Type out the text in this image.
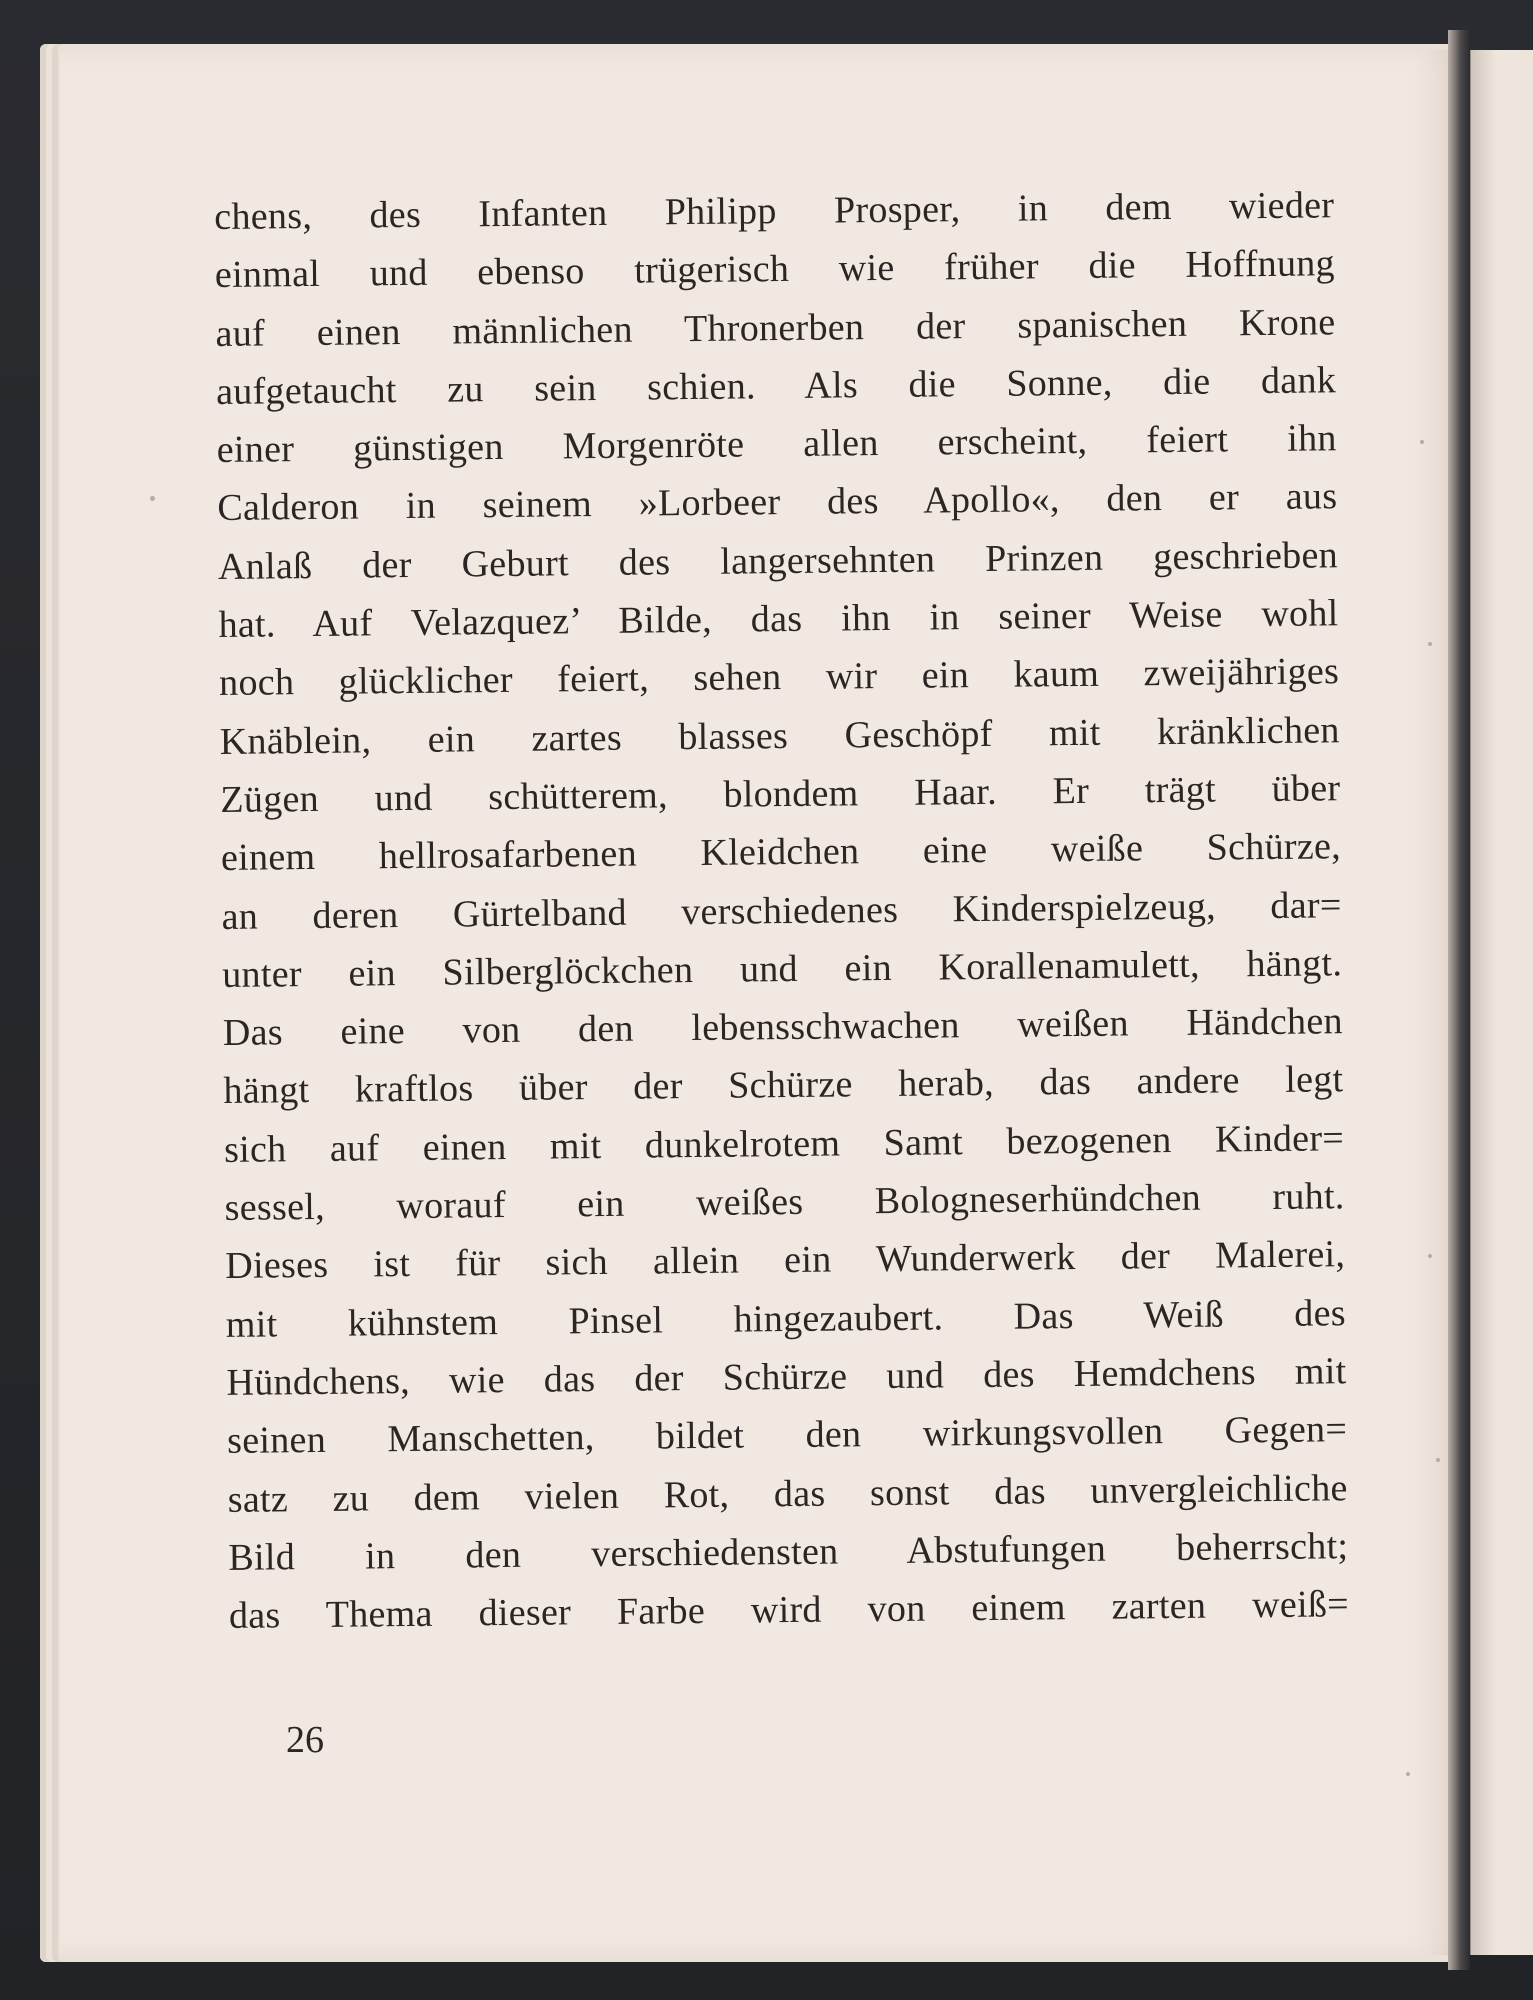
chens, des Infanten Philipp Prosper, in dem wieder
einmal und ebenso trügerisch wie früher die Hoffnung
auf einen männlichen Thronerben der spanischen Krone
aufgetaucht zu sein schien. Als die Sonne, die dank
einer günstigen Morgenröte allen erscheint, feiert ihn
Calderon in seinem »Lorbeer des Apollo«, den er aus
Anlaß der Geburt des langersehnten Prinzen geschrieben
hat. Auf Velazquez’ Bilde, das ihn in seiner Weise wohl
noch glücklicher feiert, sehen wir ein kaum zweijähriges
Knäblein, ein zartes blasses Geschöpf mit kränklichen
Zügen und schütterem, blondem Haar. Er trägt über
einem hellrosafarbenen Kleidchen eine weiße Schürze,
an deren Gürtelband verschiedenes Kinderspielzeug, dar=
unter ein Silberglöckchen und ein Korallenamulett, hängt.
Das eine von den lebensschwachen weißen Händchen
hängt kraftlos über der Schürze herab, das andere legt
sich auf einen mit dunkelrotem Samt bezogenen Kinder=
sessel, worauf ein weißes Bologneserhündchen ruht.
Dieses ist für sich allein ein Wunderwerk der Malerei,
mit kühnstem Pinsel hingezaubert. Das Weiß des
Hündchens, wie das der Schürze und des Hemdchens mit
seinen Manschetten, bildet den wirkungsvollen Gegen=
satz zu dem vielen Rot, das sonst das unvergleichliche
Bild in den verschiedensten Abstufungen beherrscht;
das Thema dieser Farbe wird von einem zarten weiß=
26
